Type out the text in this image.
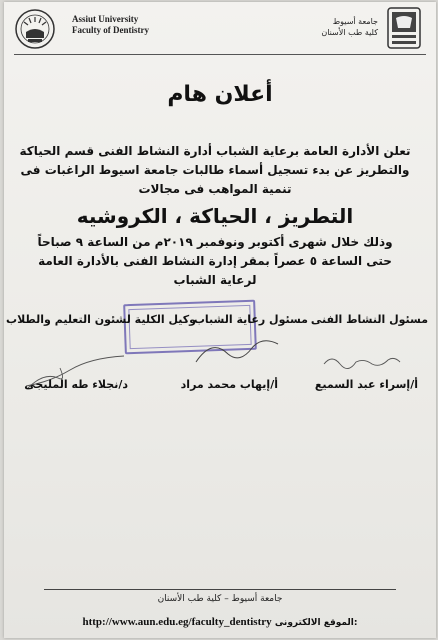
Assiut University
Faculty of Dentistry
جامعة أسيوط
كلية طب الأسنان
أعلان هام

تعلن الأدارة العامة برعاية الشباب أدارة النشاط الفنى قسم الحياكة

والتطريز عن بدء تسجيل أسماء طالبات جامعة اسيوط الراغبات فى

تنمية المواهب فى مجالات

التطريز ، الحياكة ، الكروشيه

وذلك خلال شهرى أكتوبر ونوفمبر ٢٠١٩م من الساعة ٩ صباحاً

حتى الساعة ٥ عصراً بمقر إدارة النشاط الفنى بالأدارة العامة

لرعاية الشباب

مسئول النشاط الفنى
مسئول رعاية الشباب
وكيل الكلية لشئون التعليم والطلاب
أ/إسراء عبد السميع
أ/إيهاب محمد مراد
د/نجلاء طه المليجى
جامعة أسيوط – كلية طب الأسنان
http://www.aun.edu.eg/faculty_dentistry الموقع الالكترونى:
